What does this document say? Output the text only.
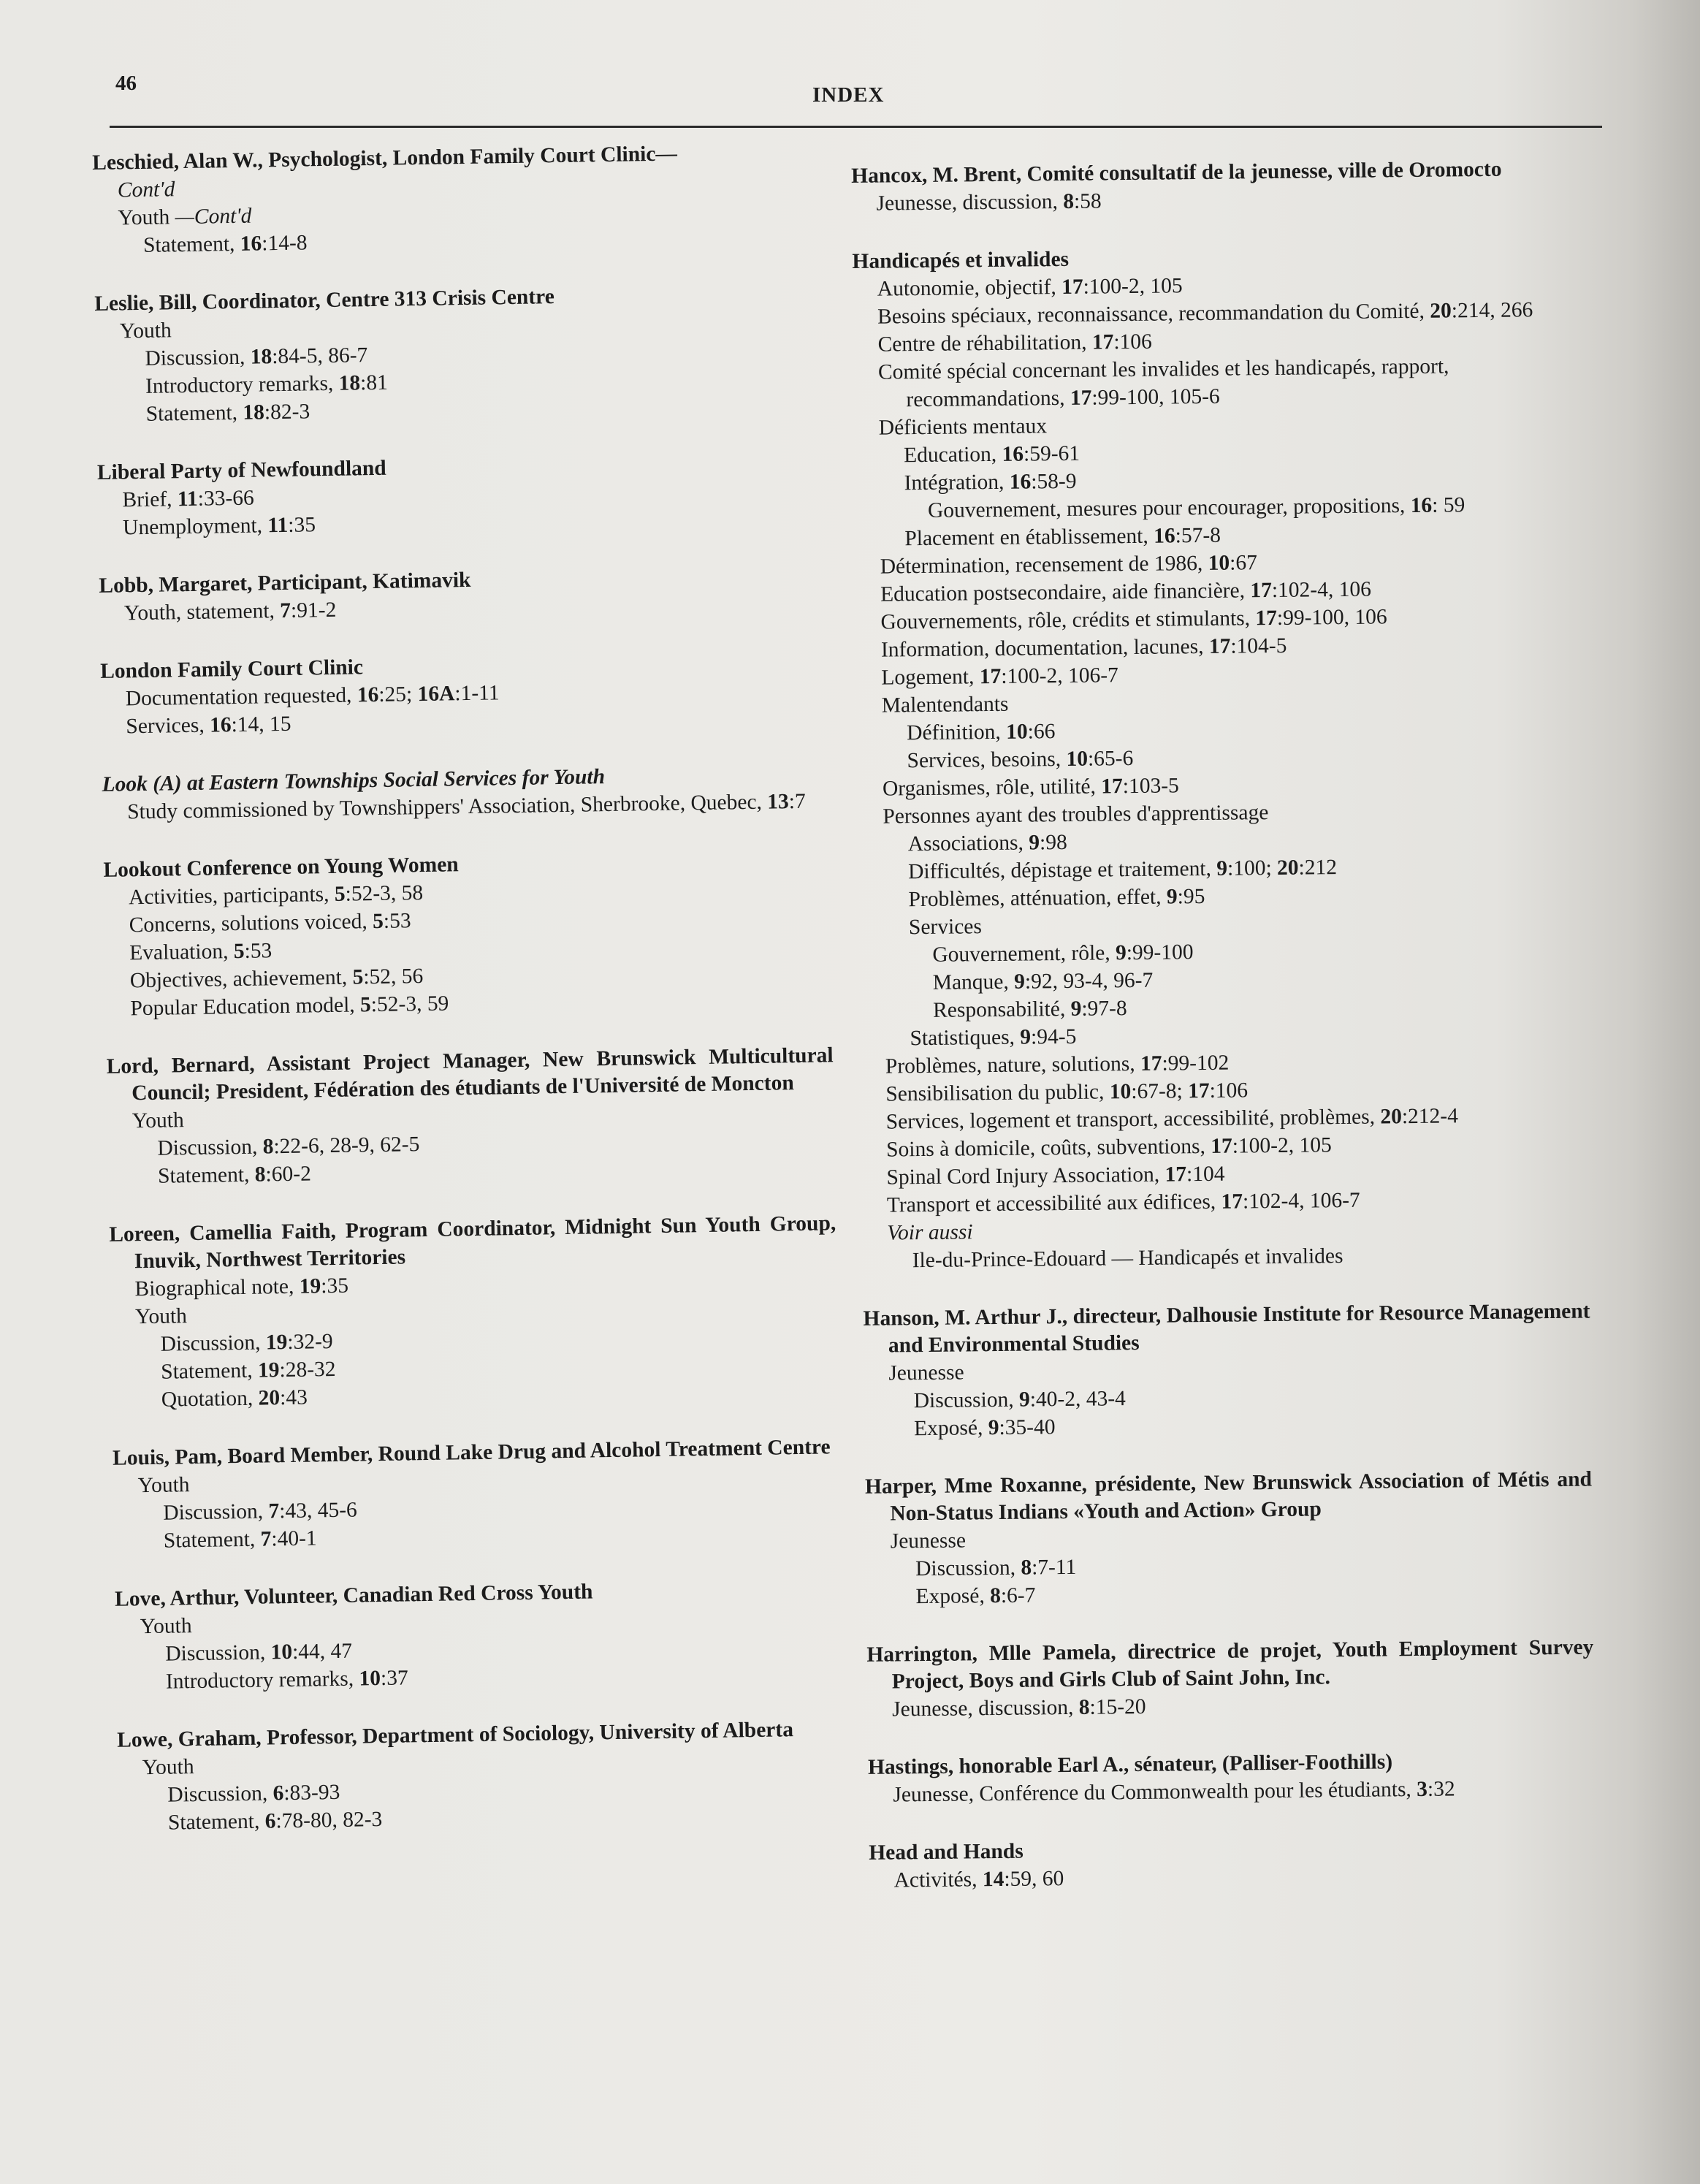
46	INDEX
Leschied, Alan W., Psychologist, London Family Court Clinic—
Cont'd
Youth —Cont'd
Statement, 16:14-8
Leslie, Bill, Coordinator, Centre 313 Crisis Centre
Youth
Discussion, 18:84-5, 86-7
Introductory remarks, 18:81
Statement, 18:82-3
Liberal Party of Newfoundland
Brief, 11:33-66
Unemployment, 11:35
Lobb, Margaret, Participant, Katimavik
Youth, statement, 7:91-2
London Family Court Clinic
Documentation requested, 16:25; 16A:1-11
Services, 16:14, 15
Look (A) at Eastern Townships Social Services for Youth
Study commissioned by Townshippers' Association, Sherbrooke, Quebec, 13:7
Lookout Conference on Young Women
Activities, participants, 5:52-3, 58
Concerns, solutions voiced, 5:53
Evaluation, 5:53
Objectives, achievement, 5:52, 56
Popular Education model, 5:52-3, 59
Lord, Bernard, Assistant Project Manager, New Brunswick Multicultural Council; President, Fédération des étudiants de l'Université de Moncton
Youth
Discussion, 8:22-6, 28-9, 62-5
Statement, 8:60-2
Loreen, Camellia Faith, Program Coordinator, Midnight Sun Youth Group, Inuvik, Northwest Territories
Biographical note, 19:35
Youth
Discussion, 19:32-9
Statement, 19:28-32
Quotation, 20:43
Louis, Pam, Board Member, Round Lake Drug and Alcohol Treatment Centre
Youth
Discussion, 7:43, 45-6
Statement, 7:40-1
Love, Arthur, Volunteer, Canadian Red Cross Youth
Youth
Discussion, 10:44, 47
Introductory remarks, 10:37
Lowe, Graham, Professor, Department of Sociology, University of Alberta
Youth
Discussion, 6:83-93
Statement, 6:78-80, 82-3
Hancox, M. Brent, Comité consultatif de la jeunesse, ville de Oromocto
Jeunesse, discussion, 8:58
Handicapés et invalides
Autonomie, objectif, 17:100-2, 105
Besoins spéciaux, reconnaissance, recommandation du Comité, 20:214, 266
Centre de réhabilitation, 17:106
Comité spécial concernant les invalides et les handicapés, rapport, recommandations, 17:99-100, 105-6
Déficients mentaux
Education, 16:59-61
Intégration, 16:58-9
Gouvernement, mesures pour encourager, propositions, 16: 59
Placement en établissement, 16:57-8
Détermination, recensement de 1986, 10:67
Education postsecondaire, aide financière, 17:102-4, 106
Gouvernements, rôle, crédits et stimulants, 17:99-100, 106
Information, documentation, lacunes, 17:104-5
Logement, 17:100-2, 106-7
Malentendants
Définition, 10:66
Services, besoins, 10:65-6
Organismes, rôle, utilité, 17:103-5
Personnes ayant des troubles d'apprentissage
Associations, 9:98
Difficultés, dépistage et traitement, 9:100; 20:212
Problèmes, atténuation, effet, 9:95
Services
Gouvernement, rôle, 9:99-100
Manque, 9:92, 93-4, 96-7
Responsabilité, 9:97-8
Statistiques, 9:94-5
Problèmes, nature, solutions, 17:99-102
Sensibilisation du public, 10:67-8; 17:106
Services, logement et transport, accessibilité, problèmes, 20:212-4
Soins à domicile, coûts, subventions, 17:100-2, 105
Spinal Cord Injury Association, 17:104
Transport et accessibilité aux édifices, 17:102-4, 106-7
Voir aussi
Ile-du-Prince-Edouard — Handicapés et invalides
Hanson, M. Arthur J., directeur, Dalhousie Institute for Resource Management and Environmental Studies
Jeunesse
Discussion, 9:40-2, 43-4
Exposé, 9:35-40
Harper, Mme Roxanne, présidente, New Brunswick Association of Métis and Non-Status Indians «Youth and Action» Group
Jeunesse
Discussion, 8:7-11
Exposé, 8:6-7
Harrington, Mlle Pamela, directrice de projet, Youth Employment Survey Project, Boys and Girls Club of Saint John, Inc.
Jeunesse, discussion, 8:15-20
Hastings, honorable Earl A., sénateur, (Palliser-Foothills)
Jeunesse, Conférence du Commonwealth pour les étudiants, 3:32
Head and Hands
Activités, 14:59, 60
